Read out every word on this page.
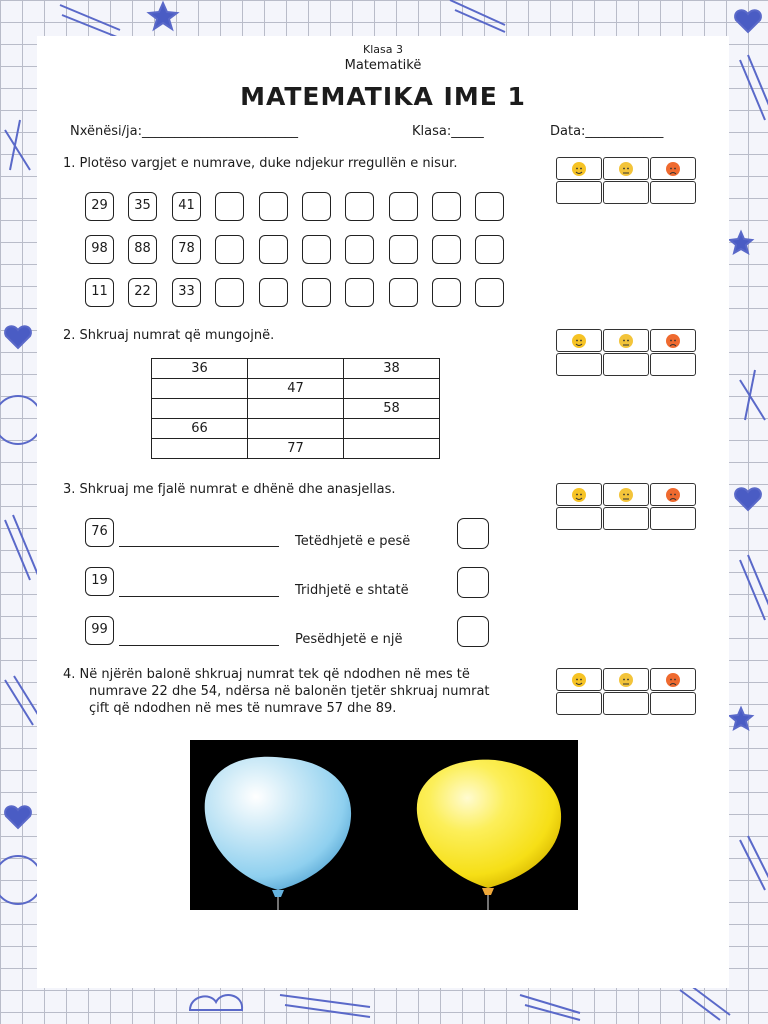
Klasa 3
Matematikë
MATEMATIKA IME 1
Nxënësi/ja:________________________	Klasa:_____	Data:____________
1. Plotëso vargjet e numrave, duke ndjekur rregullën e nisur.
29	35	41
98	88	78
11	22	33
2. Shkruaj numrat që mungojnë.
36		38
	47	
		58
66		
	77	
3. Shkruaj me fjalë numrat e dhënë dhe anasjellas.
76
Tetëdhjetë e pesë
19
Tridhjetë e shtatë
99
Pesëdhjetë e një
4. Në njërën balonë shkruaj numrat tek që ndodhen në mes të
numrave 22 dhe 54, ndërsa në balonën tjetër shkruaj numrat
çift që ndodhen në mes të numrave 57 dhe 89.
